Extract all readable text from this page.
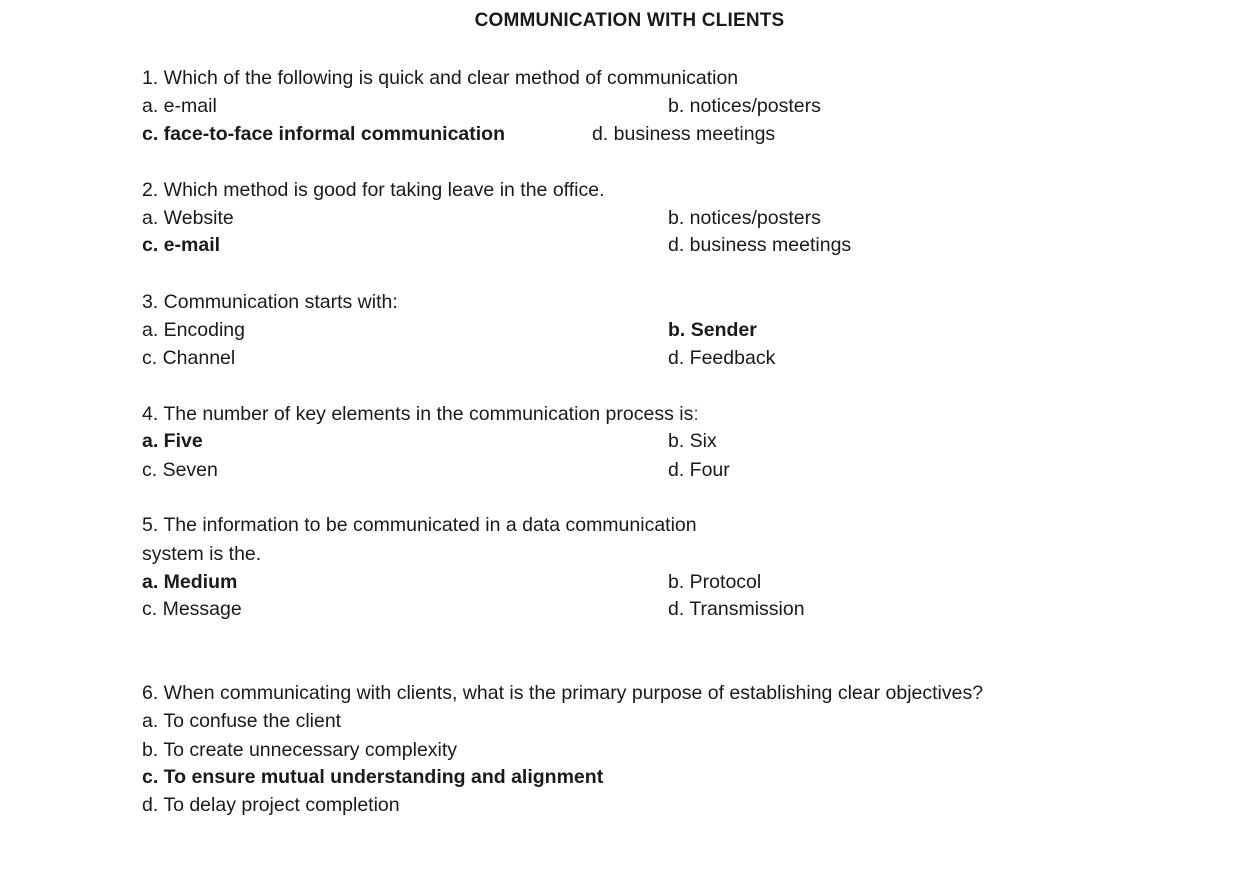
COMMUNICATION WITH CLIENTS
1. Which of the following is quick and clear method of communication
a. e-mail	b. notices/posters
c. face-to-face informal communication	d. business meetings
2. Which method is good for taking leave in the office.
a. Website	b. notices/posters
c. e-mail	d. business meetings
3. Communication starts with:
a. Encoding	b. Sender
c. Channel	d. Feedback
4. The number of key elements in the communication process is:
a. Five	b. Six
c. Seven	d. Four
5. The information to be communicated in a data communication
system is the.
a. Medium	b. Protocol
c. Message	d. Transmission
6. When communicating with clients, what is the primary purpose of establishing clear objectives?
a. To confuse the client
b. To create unnecessary complexity
c. To ensure mutual understanding and alignment
d. To delay project completion
